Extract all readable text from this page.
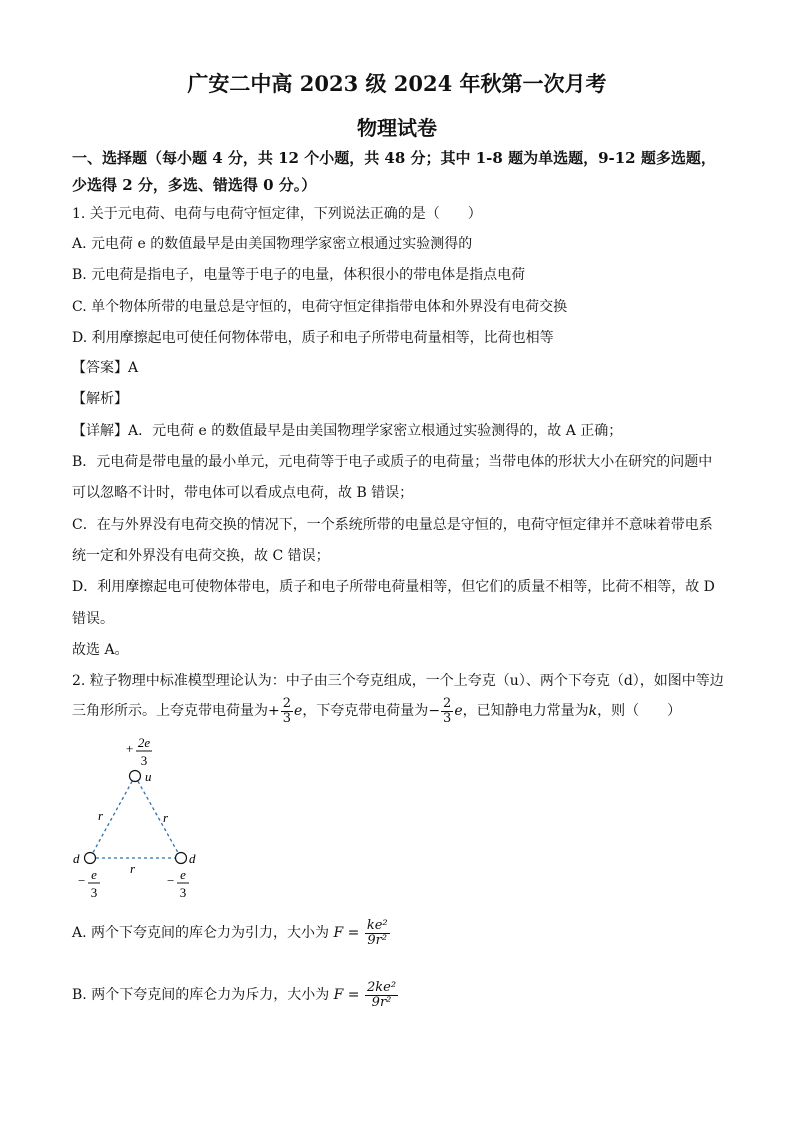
广安二中高 2023 级 2024 年秋第一次月考
物理试卷
一、选择题（每小题 4 分，共 12 个小题，共 48 分；其中 1-8 题为单选题，9-12 题多选题，
少选得 2 分，多选、错选得 0 分。）
1. 关于元电荷、电荷与电荷守恒定律，下列说法正确的是（　　）
A. 元电荷 e 的数值最早是由美国物理学家密立根通过实验测得的
B. 元电荷是指电子，电量等于电子的电量，体积很小的带电体是指点电荷
C. 单个物体所带的电量总是守恒的，电荷守恒定律指带电体和外界没有电荷交换
D. 利用摩擦起电可使任何物体带电，质子和电子所带电荷量相等，比荷也相等
【答案】A
【解析】
【详解】A．元电荷 e 的数值最早是由美国物理学家密立根通过实验测得的，故 A 正确；
B．元电荷是带电量的最小单元，元电荷等于电子或质子的电荷量；当带电体的形状大小在研究的问题中
可以忽略不计时，带电体可以看成点电荷，故 B 错误；
C．在与外界没有电荷交换的情况下，一个系统所带的电量总是守恒的，电荷守恒定律并不意味着带电系
统一定和外界没有电荷交换，故 C 错误；
D．利用摩擦起电可使物体带电，质子和电子所带电荷量相等，但它们的质量不相等，比荷不相等，故 D
错误。
故选 A。
2. 粒子物理中标准模型理论认为：中子由三个夸克组成，一个上夸克（u）、两个下夸克（d），如图中等边
三角形所示。上夸克带电荷量为+ $\frac{2}{3}$ e，下夸克带电荷量为− $\frac{2}{3}$ e，已知静电力常量为k，则（　　）
+ 2e
3
u
d	d
r	r
r
− e
3
− e
3
A. 两个下夸克间的库仑力为引力，大小为 $F = \frac{\text{ke²}}{\text{9r²}}$
B. 两个下夸克间的库仑力为斥力，大小为 $F = \frac{\text{2ke²}}{\text{9r²}}$
